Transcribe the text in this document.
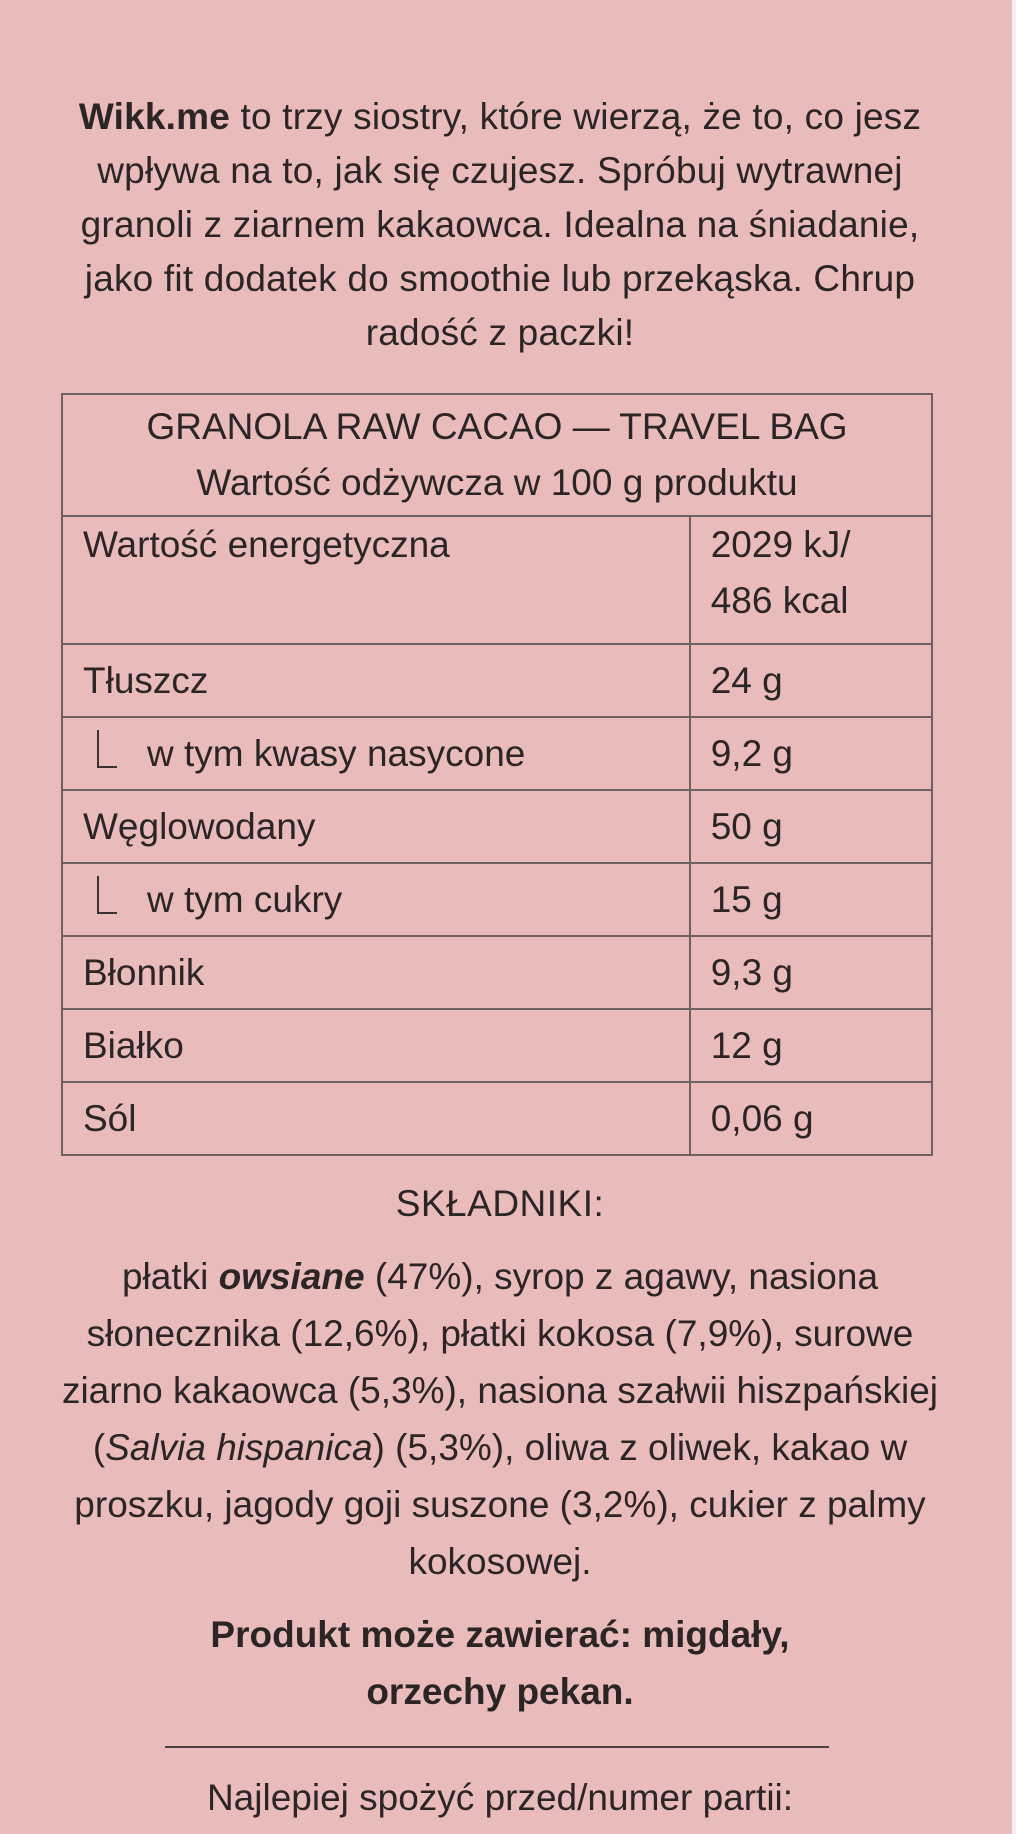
Wikk.me to trzy siostry, które wierzą, że to, co jesz wpływa na to, jak się czujesz. Spróbuj wytrawnej granoli z ziarnem kakaowca. Idealna na śniadanie, jako fit dodatek do smoothie lub przekąska. Chrup radość z paczki!
GRANOLA RAW CACAO — TRAVEL BAG
Wartość odżywcza w 100 g produktu	

Wartość energetyczna	2029 kJ/
486 kcal

Tłuszcz	24 g
w tym kwasy nasycone	9,2 g
Węglowodany	50 g
w tym cukry	15 g
Błonnik	9,3 g
Białko	12 g
Sól	0,06 g
SKŁADNIKI:
płatki owsiane (47%), syrop z agawy, nasiona słonecznika (12,6%), płatki kokosa (7,9%), surowe ziarno kakaowca (5,3%), nasiona szałwii hiszpańskiej (Salvia hispanica) (5,3%), oliwa z oliwek, kakao w proszku, jagody goji suszone (3,2%), cukier z palmy kokosowej.
Produkt może zawierać: migdały,
orzechy pekan.
Najlepiej spożyć przed/numer partii:
